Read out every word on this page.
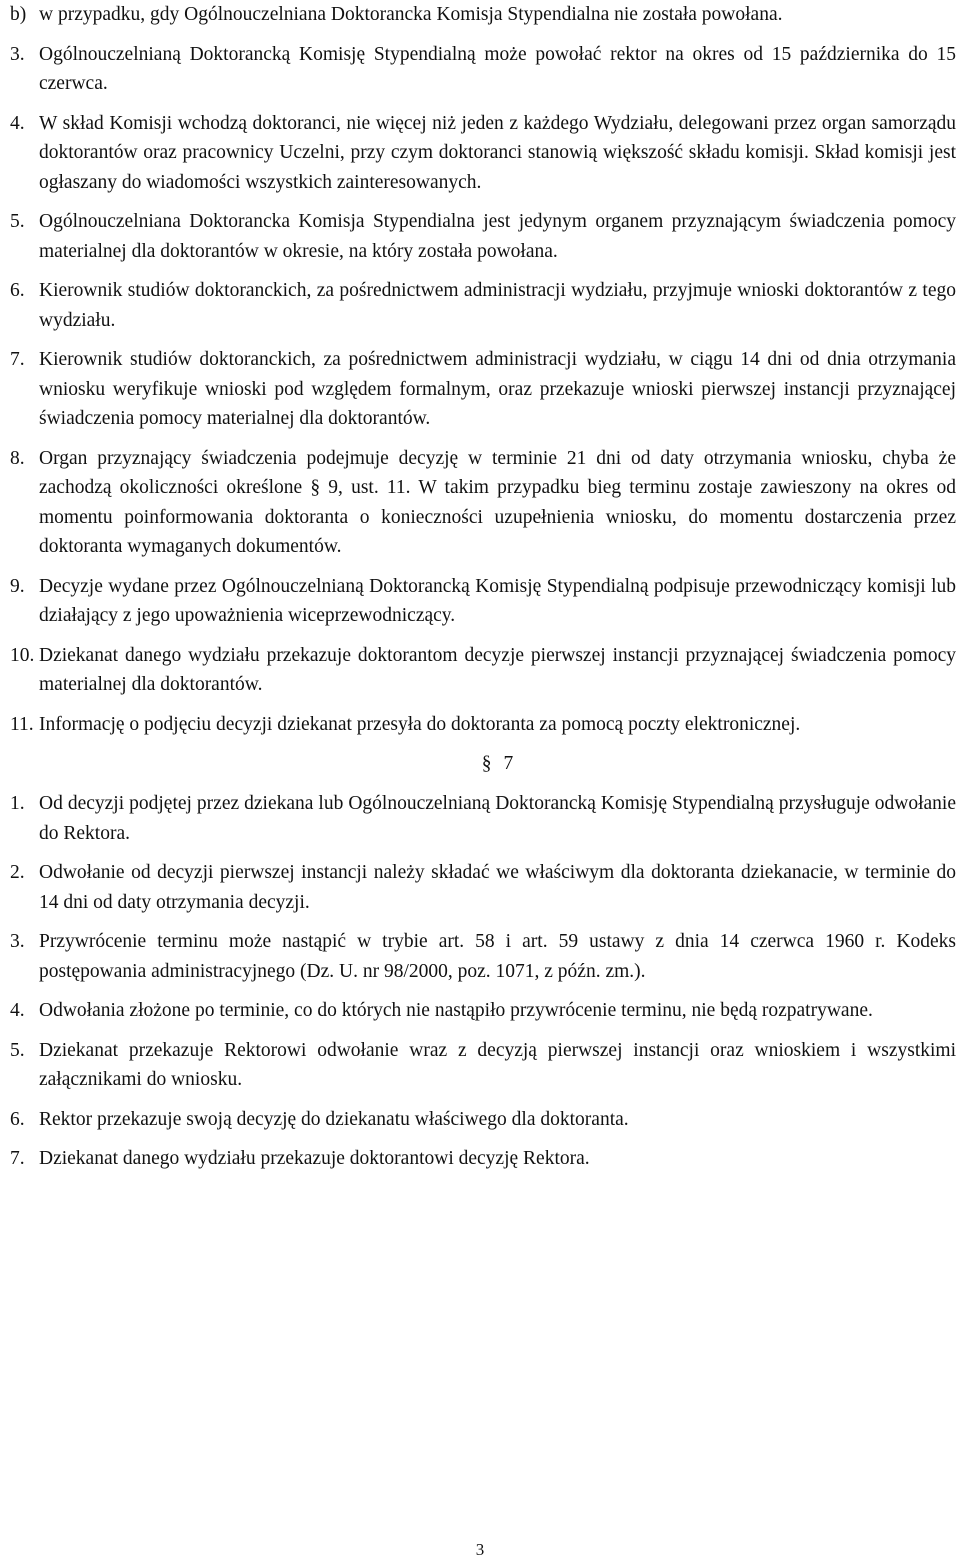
b) w przypadku, gdy Ogólnouczelniana Doktorancka Komisja Stypendialna nie została powołana.
3. Ogólnouczelnianą Doktorancką Komisję Stypendialną może powołać rektor na okres od 15 października do 15 czerwca.
4. W skład Komisji wchodzą doktoranci, nie więcej niż jeden z każdego Wydziału, delegowani przez organ samorządu doktorantów oraz pracownicy Uczelni, przy czym doktoranci stanowią większość składu komisji. Skład komisji jest ogłaszany do wiadomości wszystkich zainteresowanych.
5. Ogólnouczelniana Doktorancka Komisja Stypendialna jest jedynym organem przyznającym świadczenia pomocy materialnej dla doktorantów w okresie, na który została powołana.
6. Kierownik studiów doktoranckich, za pośrednictwem administracji wydziału, przyjmuje wnioski doktorantów z tego wydziału.
7. Kierownik studiów doktoranckich, za pośrednictwem administracji wydziału, w ciągu 14 dni od dnia otrzymania wniosku weryfikuje wnioski pod względem formalnym, oraz przekazuje wnioski pierwszej instancji przyznającej świadczenia pomocy materialnej dla doktorantów.
8. Organ przyznający świadczenia podejmuje decyzję w terminie 21 dni od daty otrzymania wniosku, chyba że zachodzą okoliczności określone § 9, ust. 11. W takim przypadku bieg terminu zostaje zawieszony na okres od momentu poinformowania doktoranta o konieczności uzupełnienia wniosku, do momentu dostarczenia przez doktoranta wymaganych dokumentów.
9. Decyzje wydane przez Ogólnouczelnianą Doktorancką Komisję Stypendialną podpisuje przewodniczący komisji lub działający z jego upoważnienia wiceprzewodniczący.
10. Dziekanat danego wydziału przekazuje doktorantom decyzje pierwszej instancji przyznającej świadczenia pomocy materialnej dla doktorantów.
11. Informację o podjęciu decyzji dziekanat przesyła do doktoranta za pomocą poczty elektronicznej.
§ 7
1. Od decyzji podjętej przez dziekana lub Ogólnouczelnianą Doktorancką Komisję Stypendialną przysługuje odwołanie do Rektora.
2. Odwołanie od decyzji pierwszej instancji należy składać we właściwym dla doktoranta dziekanacie, w terminie do 14 dni od daty otrzymania decyzji.
3. Przywrócenie terminu może nastąpić w trybie art. 58 i art. 59 ustawy z dnia 14 czerwca 1960 r. Kodeks postępowania administracyjnego (Dz. U. nr 98/2000, poz. 1071, z późn. zm.).
4. Odwołania złożone po terminie, co do których nie nastąpiło przywrócenie terminu, nie będą rozpatrywane.
5. Dziekanat przekazuje Rektorowi odwołanie wraz z decyzją pierwszej instancji oraz wnioskiem i wszystkimi załącznikami do wniosku.
6. Rektor przekazuje swoją decyzję do dziekanatu właściwego dla doktoranta.
7. Dziekanat danego wydziału przekazuje doktorantowi decyzję Rektora.
3
